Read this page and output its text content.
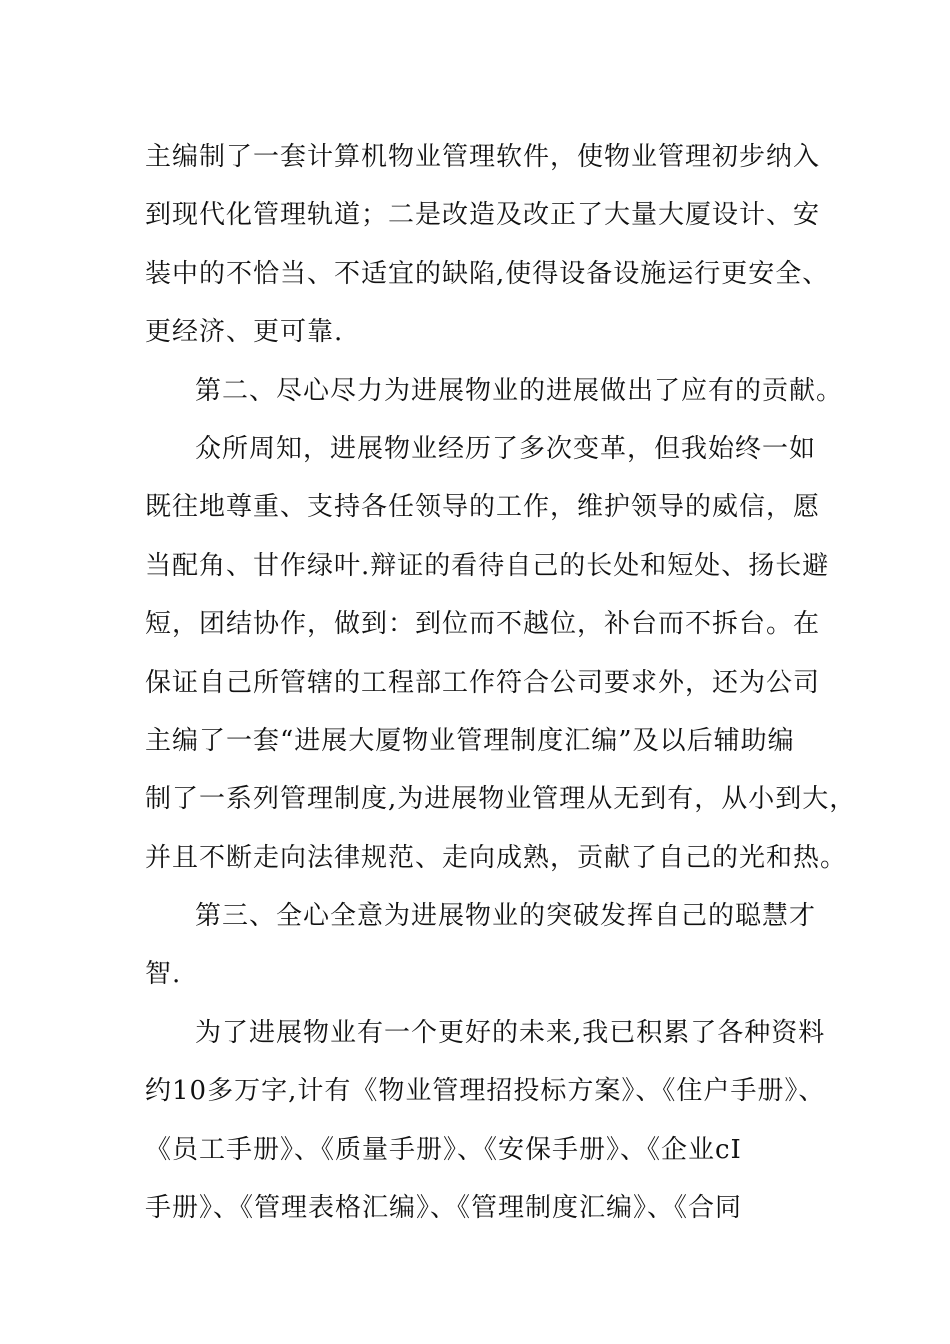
主编制了一套计算机物业管理软件，使物业管理初步纳入
到现代化管理轨道；二是改造及改正了大量大厦设计、安
装中的不恰当、不适宜的缺陷,使得设备设施运行更安全、
更经济、更可靠.
第二、尽心尽力为进展物业的进展做出了应有的贡献。
众所周知，进展物业经历了多次变革，但我始终一如
既往地尊重、支持各任领导的工作，维护领导的威信，愿
当配角、甘作绿叶.辩证的看待自己的长处和短处、扬长避
短，团结协作，做到：到位而不越位，补台而不拆台。在
保证自己所管辖的工程部工作符合公司要求外，还为公司
主编了一套“进展大厦物业管理制度汇编”及以后辅助编
制了一系列管理制度,为进展物业管理从无到有，从小到大，
并且不断走向法律规范、走向成熟，贡献了自己的光和热。
第三、全心全意为进展物业的突破发挥自己的聪慧才
智.
为了进展物业有一个更好的未来,我已积累了各种资料
约10多万字,计有《物业管理招投标方案》、《住户手册》、
《员工手册》、《质量手册》、《安保手册》、《企业cI
手册》、《管理表格汇编》、《管理制度汇编》、《合同
